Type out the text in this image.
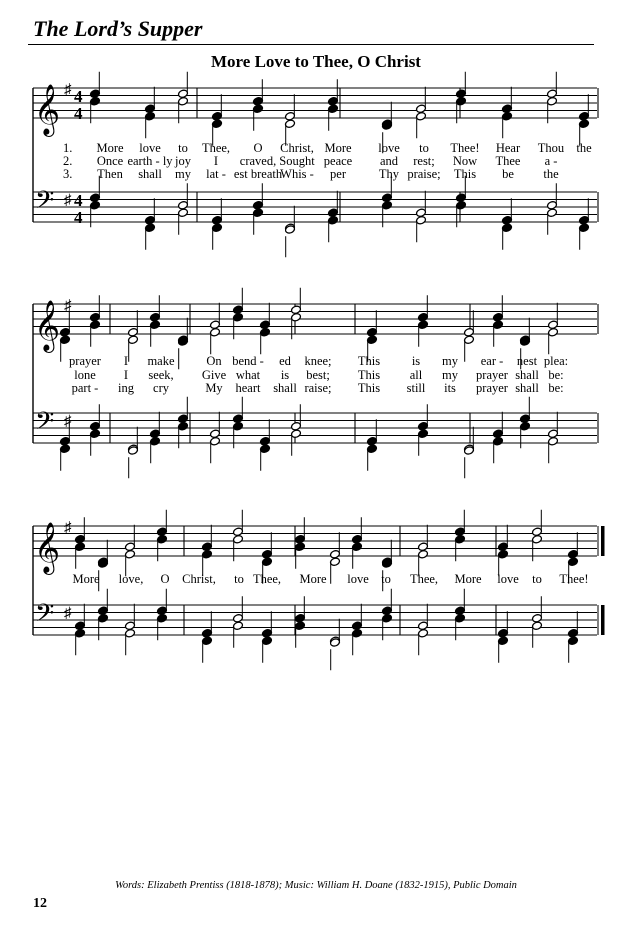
The Lord’s Supper
More Love to Thee, O Christ
𝄞 ♯ 4
4
𝄢 ♯ 4
4
1. More love to Thee, O Christ, More love to Thee! Hear Thou the
2. Once earth - ly joy I craved, Sought peace and rest; Now Thee a -
3. Then shall my lat - est breath
Whis - per	Thy praise; This be the
𝄞 ♯
𝄢 ♯
prayer I make	On bend - ed knee; This	is my ear - nest plea:
lone I seek, Give what is best; This all my prayer shall be:
part - ing cry	My heart shall raise; This still its prayer shall be:
𝄞 ♯
𝄢 ♯
More love, O Christ, to Thee, More love to Thee, More love to Thee!
Words: Elizabeth Prentiss (1818-1878); Music: William H. Doane (1832-1915), Public Domain
12
